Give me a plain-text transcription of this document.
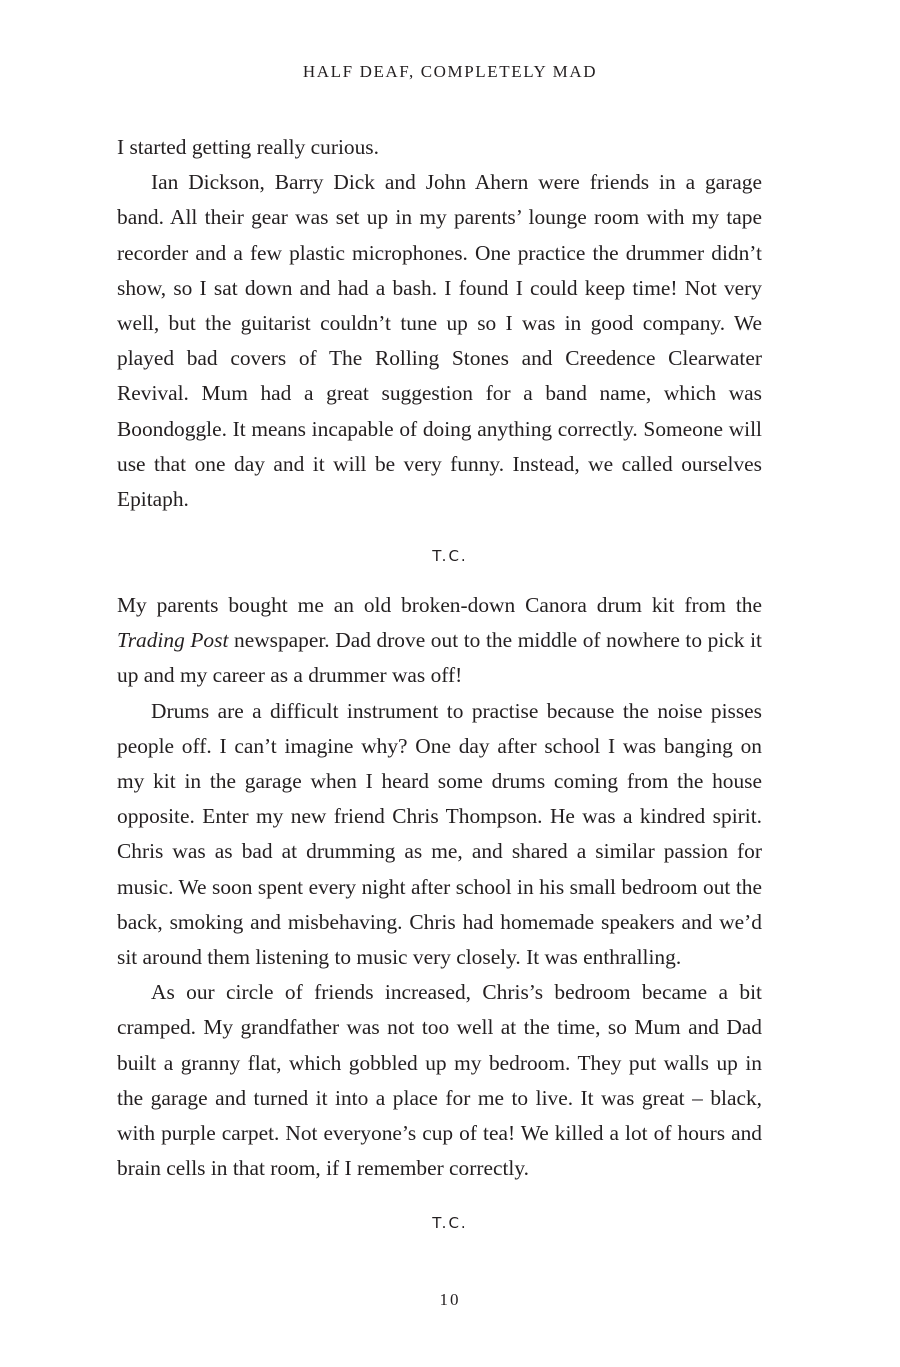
HALF DEAF, COMPLETELY MAD

I started getting really curious.

Ian Dickson, Barry Dick and John Ahern were friends in a garage band. All their gear was set up in my parents’ lounge room with my tape recorder and a few plastic microphones. One practice the drummer didn’t show, so I sat down and had a bash. I found I could keep time! Not very well, but the guitarist couldn’t tune up so I was in good company. We played bad covers of The Rolling Stones and Creedence Clearwater Revival. Mum had a great suggestion for a band name, which was Boondoggle. It means incapable of doing anything correctly. Someone will use that one day and it will be very funny. Instead, we called ourselves Epitaph.

T.C.

My parents bought me an old broken-down Canora drum kit from the Trading Post newspaper. Dad drove out to the middle of nowhere to pick it up and my career as a drummer was off!

Drums are a difficult instrument to practise because the noise pisses people off. I can’t imagine why? One day after school I was banging on my kit in the garage when I heard some drums coming from the house opposite. Enter my new friend Chris Thompson. He was a kindred spirit. Chris was as bad at drumming as me, and shared a similar passion for music. We soon spent every night after school in his small bedroom out the back, smoking and misbehaving. Chris had homemade speakers and we’d sit around them listening to music very closely. It was enthralling.

As our circle of friends increased, Chris’s bedroom became a bit cramped. My grandfather was not too well at the time, so Mum and Dad built a granny flat, which gobbled up my bedroom. They put walls up in the garage and turned it into a place for me to live. It was great – black, with purple carpet. Not everyone’s cup of tea! We killed a lot of hours and brain cells in that room, if I remember correctly.

T.C.
10
